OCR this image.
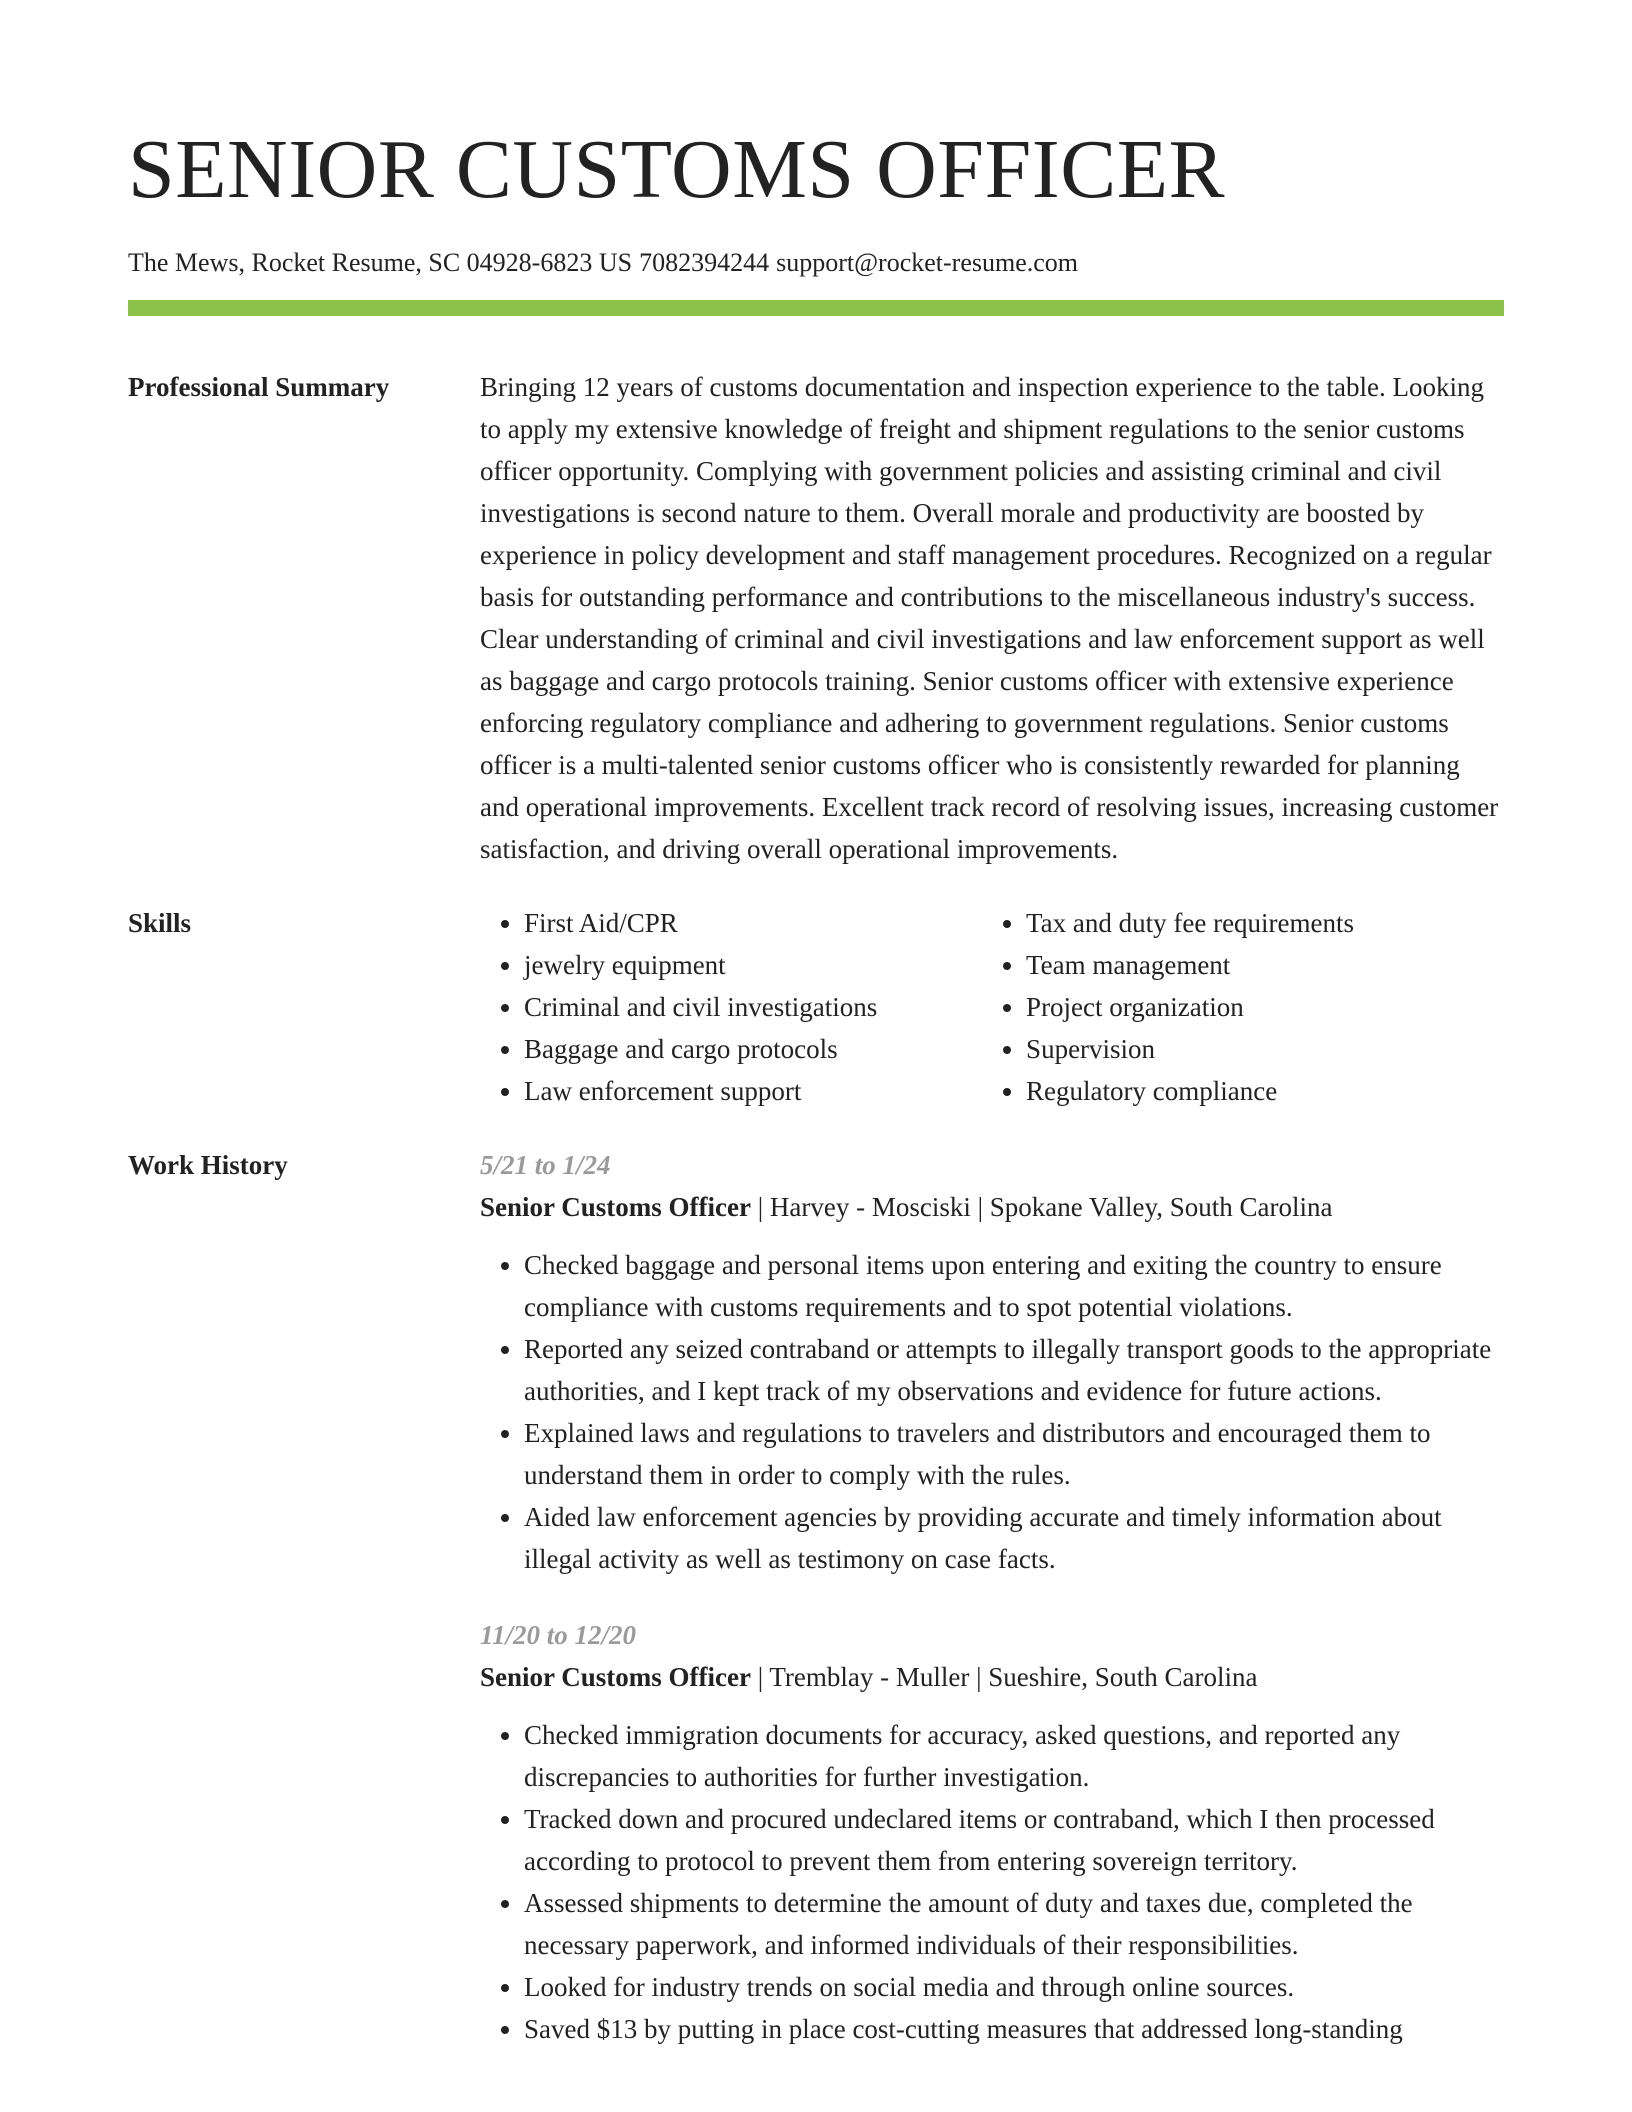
SENIOR CUSTOMS OFFICER
The Mews, Rocket Resume, SC 04928-6823 US 7082394244 support@rocket-resume.com
Professional Summary	Bringing 12 years of customs documentation and inspection experience to the table. Looking to apply my extensive knowledge of freight and shipment regulations to the senior customs officer opportunity. Complying with government policies and assisting criminal and civil investigations is second nature to them. Overall morale and productivity are boosted by experience in policy development and staff management procedures. Recognized on a regular basis for outstanding performance and contributions to the miscellaneous industry's success. Clear understanding of criminal and civil investigations and law enforcement support as well as baggage and cargo protocols training. Senior customs officer with extensive experience enforcing regulatory compliance and adhering to government regulations. Senior customs officer is a multi-talented senior customs officer who is consistently rewarded for planning and operational improvements. Excellent track record of resolving issues, increasing customer satisfaction, and driving overall operational improvements.

Skills
•	First Aid/CPR
• jewelry equipment
• Criminal and civil investigations
• Baggage and cargo protocols
• Law enforcement support
• Tax and duty fee requirements
• Team management
• Project organization
• Supervision
• Regulatory compliance
Work History	5/21 to 1/24
Senior Customs Officer | Harvey - Mosciski | Spokane Valley, South Carolina
• Checked baggage and personal items upon entering and exiting the country to ensure compliance with customs requirements and to spot potential violations.
• Reported any seized contraband or attempts to illegally transport goods to the appropriate authorities, and I kept track of my observations and evidence for future actions.
• Explained laws and regulations to travelers and distributors and encouraged them to understand them in order to comply with the rules.
• Aided law enforcement agencies by providing accurate and timely information about illegal activity as well as testimony on case facts.
11/20 to 12/20
Senior Customs Officer | Tremblay - Muller | Sueshire, South Carolina
• Checked immigration documents for accuracy, asked questions, and reported any discrepancies to authorities for further investigation.
• Tracked down and procured undeclared items or contraband, which I then processed according to protocol to prevent them from entering sovereign territory.
• Assessed shipments to determine the amount of duty and taxes due, completed the necessary paperwork, and informed individuals of their responsibilities.
• Looked for industry trends on social media and through online sources.
• Saved $13 by putting in place cost-cutting measures that addressed long-standing
